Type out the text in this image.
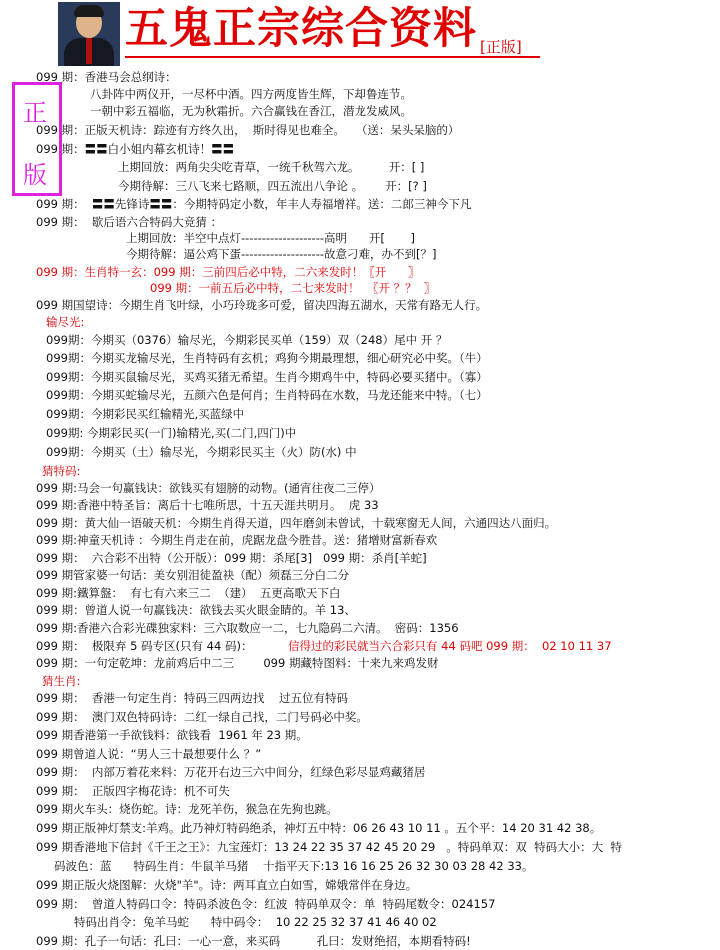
五鬼正宗综合资料 [正版]
正
版
099 期：香港马会总纲诗：
八卦阵中两仪开，一尽杯中酒。四方两度皆生辉，下却鲁连节。
一朝中彩五福临，无为秋霜折。六合赢钱在香江，潜龙发威风。
099 期：正版天机诗：踪迹有方终久出，  斯时得见也难全。   （送：呆头呆脑的）
099 期：〓〓白小姐内幕玄机诗！〓〓
上期回放：两角尖尖吃青草，一统千秋驾六龙。        开：[ ]
今期待解：三八飞来七路顺，四五流出八争论 。      开：[? ]
099 期：  〓〓先锋诗〓〓：今期特码定小数，年丰人寿福增祥。送：二郎三神今下凡
099 期：  歇后语六合特码大竞猜 ：
上期回放：半空中点灯--------------------高明      开[       ]
今期待解：逼公鸡下蛋--------------------故意刁难，办不到[？]
099 期：生肖特一玄：099 期：三前四后必中特，二六来发时！〖开      〗
099 期：一前五后必中特，二七来发时！  〖开 ？？  〗
099 期国望诗：今期生肖飞叶绿，小巧玲珑多可爱，留决四海五湖水，天常有路无人行。
输尽光:
099期：今期买（0376）输尽光，今期彩民买单（159）双（248）尾中 开 ？
099期：今期买龙输尽光，生肖特码有玄机；鸡狗今期最理想，细心研究必中奖。（牛）
099期：今期买鼠输尽光，买鸡买猪无希望。生肖今期鸡牛中，特码必要买猪中。（寡）
099期：今期买蛇输尽光，五颜六色是何肖；生肖特码在水数，马龙还能来中特。（七）
099期：今期彩民买红输精光,买蓝绿中
099期: 今期彩民买(一门)输精光,买(二门,四门)中
099期：今期买（土）输尽光，今期彩民买主（火）防(水) 中
猜特码:
099 期:马会一句赢钱诀：欲钱买有翅膀的动物。(通宵往夜二三停）
099 期:香港中特圣旨：离后十七唯所思，十五天涯共明月。  虎 33
099 期：黄大仙一语破天机：今期生肖得天道，四年磨剑未曾试，十载寒窗无人间，六通四达八面归。
099 期:神童天机诗 ：今期生肖走在前，虎踞龙盘今胜昔。送：猪增财富新春欢
099 期：  六合彩不出特（公开版）：099 期：杀尾[3]   099 期：杀肖[羊蛇]
099 期管家婆一句话：美女别泪徒盈袂（配）须磊三分白二分
099 期:鐵算盤：  有七有六来三二  （建）  五更高歌天下白
099 期：曾道人说一句赢钱决：欲钱去买火眼金睛的。羊 13、
099 期:香港六合彩光碟独家料：三六取数应一二，七九隐码二六清。  密码：1356
099 期：  极限弃 5 码专区(只有 44 码)：	信得过的彩民就当六合彩只有 44 码吧 099 期：  02 10 11 37
099 期：一句定乾坤：龙前鸡后中二三        099 期藏特图料：十来九来鸡发财
猜生肖:
099 期：  香港一句定生肖：特码三四两边找    过五位有特码
099 期：  澳门双色特码诗：二红一绿自己找，二门号码必中奖。
099 期香港第一手欲钱料：欲钱看  1961 年 23 期。
099 期曾道人说：“男人三十最想要什么 ？”
099 期：  内部万着花来料：万花开右边三六中间分，红绿色彩尽显鸡藏猪居
099 期：  正版四字梅花诗：机不可失
099 期火车头：烧伤蛇。诗：龙死羊伤，猴急在先狗也跳。
099 期正版神灯禁支:羊鸡。此乃神灯特码绝杀，神灯五中特：06 26 43 10 11 。五个平：14 20 31 42 38。
099 期香港地下信封《千王之王》：九宝莲灯：13 24 22 35 37 42 45 20 29   。特码单双：双  特码大小：大  特
码波色：蓝      特码生肖：牛鼠羊马猪    十指平天下:13 16 16 25 26 32 30 03 28 42 33。
099 期正版火烧图解：火烧"羊"。诗：两耳直立白如雪，嫦娥常伴在身边。
099 期：  曾道人特码口令：特码杀波色令：红波  特码单双令：单  特码尾数令：024157
特码出肖令：兔羊马蛇      特中码令：  10 22 25 32 37 41 46 40 02
099 期：孔子一句话：孔曰：一心一意，来买码          孔曰：发财绝招，本期看特码!
